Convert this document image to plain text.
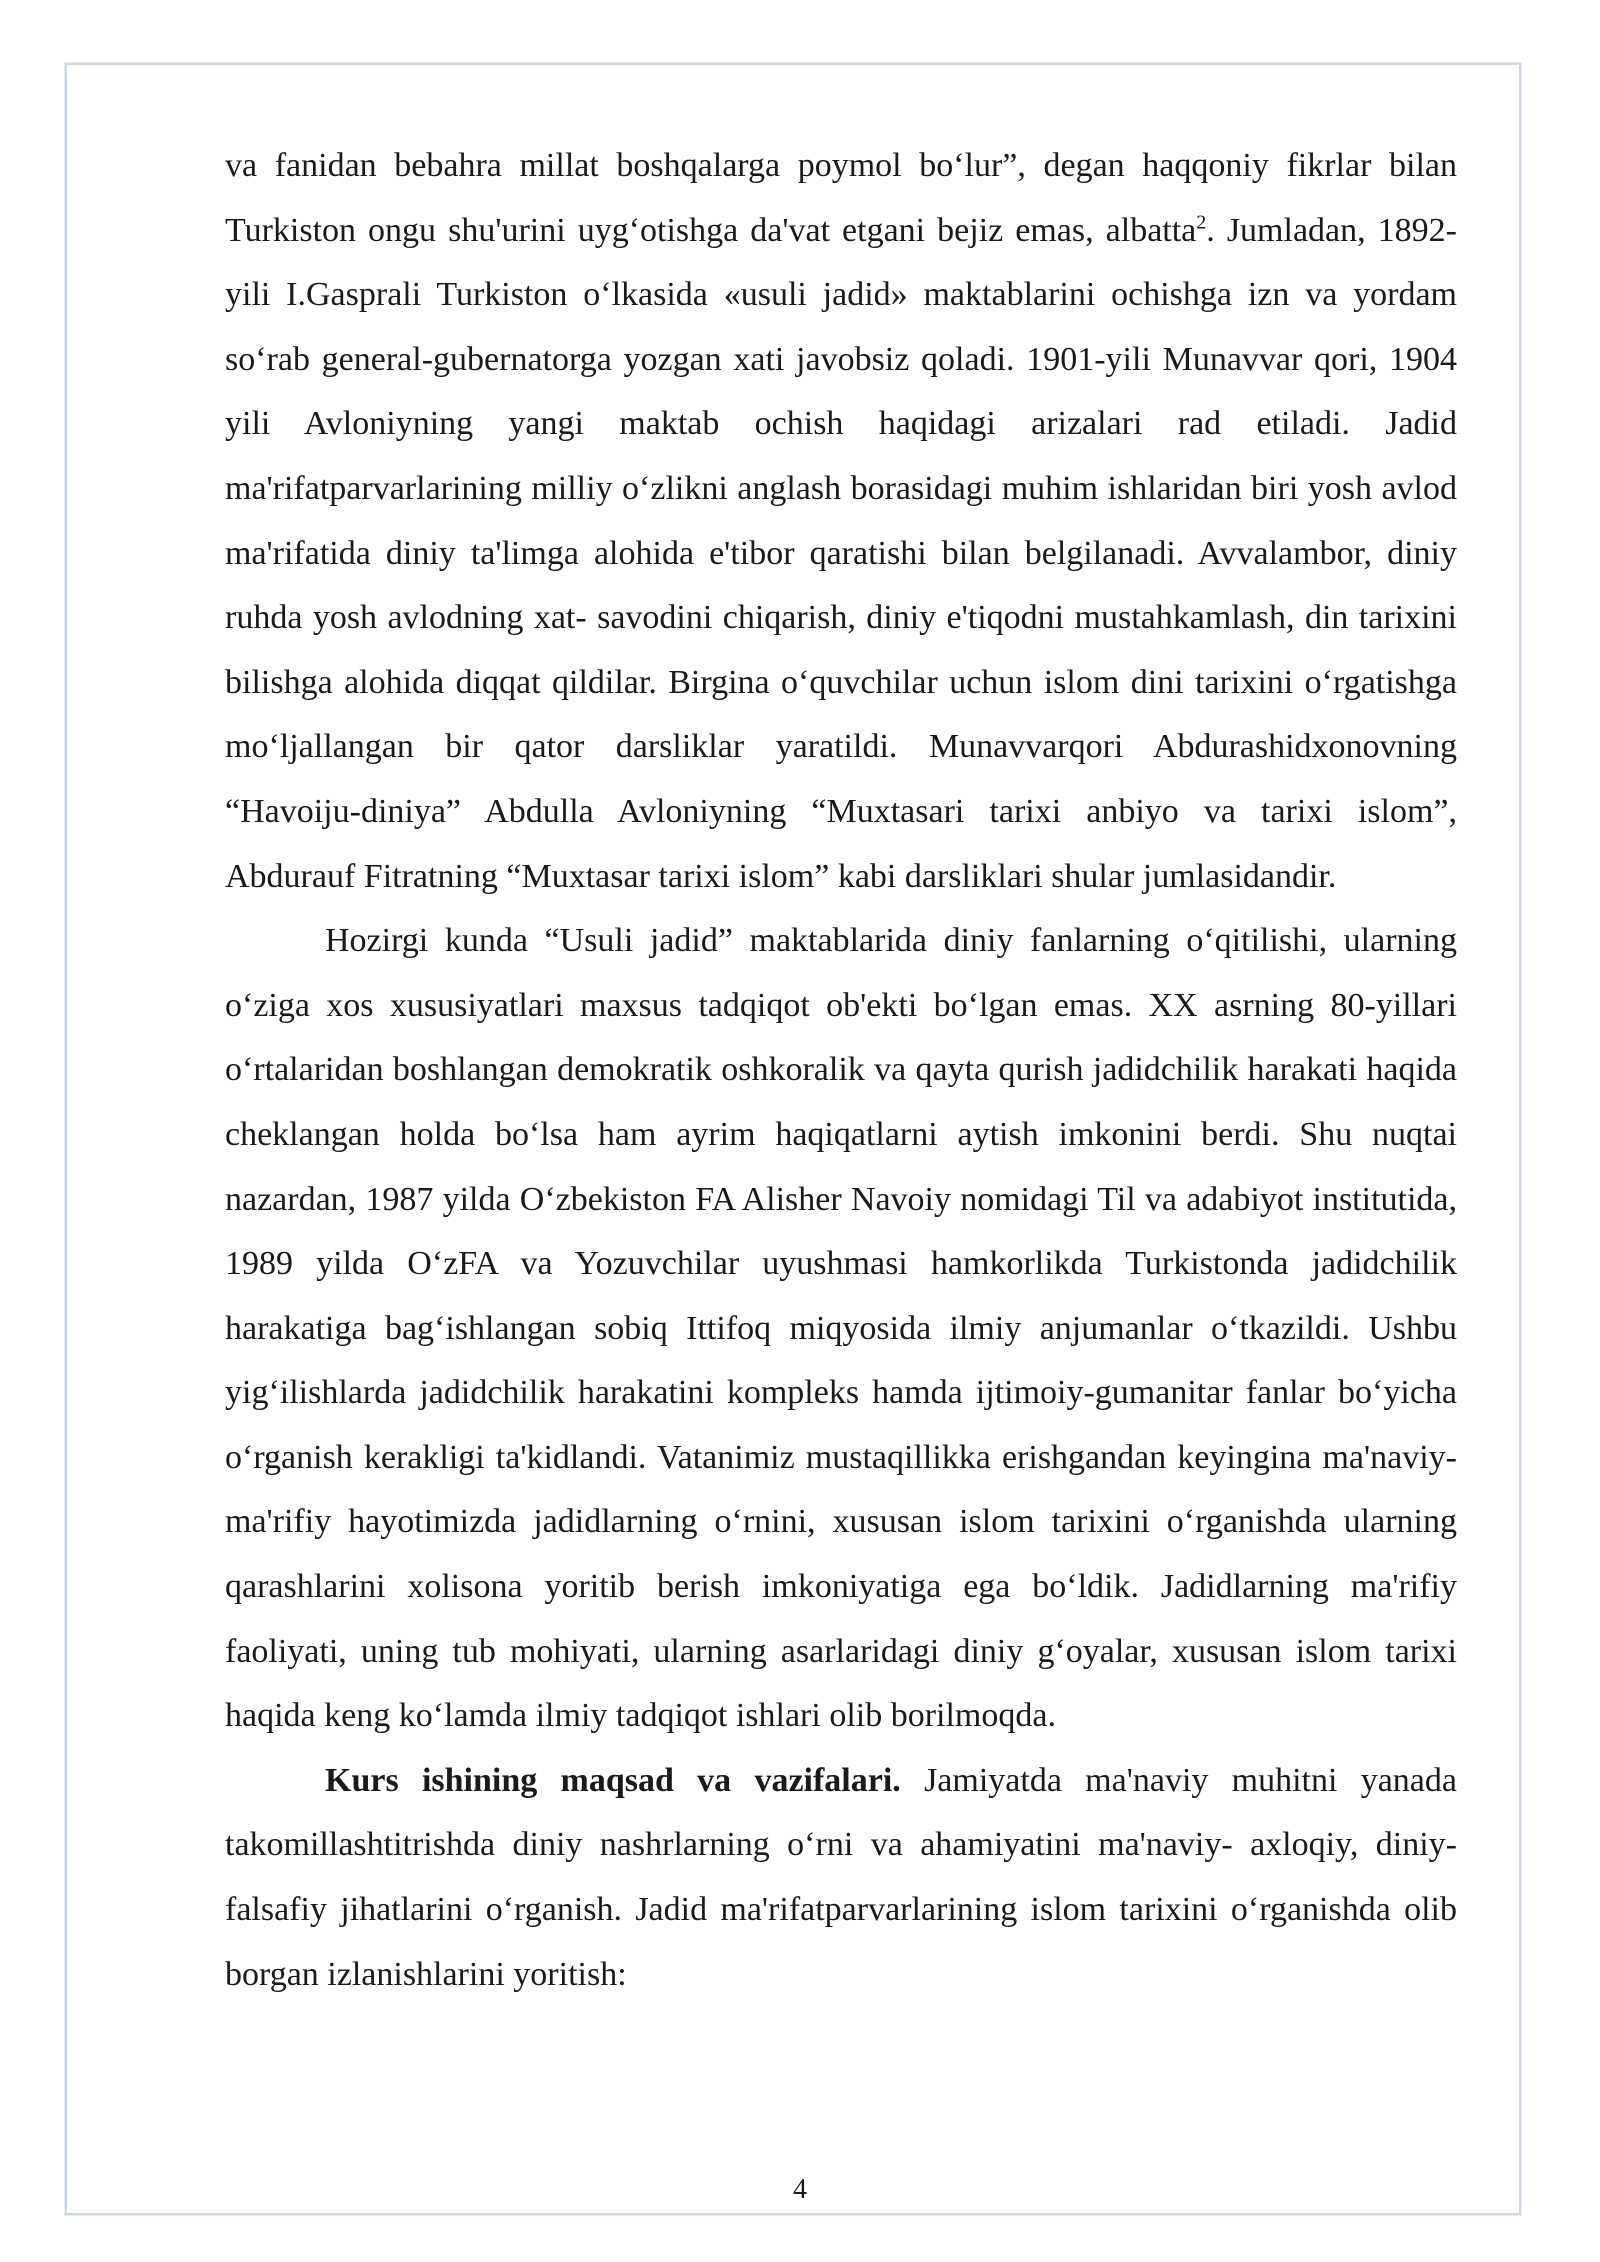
va fanidan bebahra millat boshqalarga poymol bo‘lur”, degan haqqoniy fikrlar bilan Turkiston ongu shu'urini uyg‘otishga da'vat etgani bejiz emas, albatta$^2$. Jumladan, 1892-yili I.Gasprali Turkiston o‘lkasida «usuli jadid» maktablarini ochishga izn va yordam so‘rab general-gubernatorga yozgan xati javobsiz qoladi. 1901-yili Munavvar qori, 1904 yili Avloniyning yangi maktab ochish haqidagi arizalari rad etiladi. Jadid ma'rifatparvarlarining milliy o‘zlikni anglash borasidagi muhim ishlaridan biri yosh avlod ma'rifatida diniy ta'limga alohida e'tibor qaratishi bilan belgilanadi. Avvalambor, diniy ruhda yosh avlodning xat- savodini chiqarish, diniy e'tiqodni mustahkamlash, din tarixini bilishga alohida diqqat qildilar. Birgina o‘quvchilar uchun islom dini tarixini o‘rgatishga mo‘ljallangan bir qator darsliklar yaratildi. Munavvarqori Abdurashidxonovning “Havoiju-diniya” Abdulla Avloniyning “Muxtasari tarixi anbiyo va tarixi islom”, Abdurauf Fitratning “Muxtasar tarixi islom” kabi darsliklari shular jumlasidandir.

Hozirgi kunda “Usuli jadid” maktablarida diniy fanlarning o‘qitilishi, ularning o‘ziga xos xususiyatlari maxsus tadqiqot ob'ekti bo‘lgan emas. XX asrning 80-yillari o‘rtalaridan boshlangan demokratik oshkoralik va qayta qurish jadidchilik harakati haqida cheklangan holda bo‘lsa ham ayrim haqiqatlarni aytish imkonini berdi. Shu nuqtai nazardan, 1987 yilda O‘zbekiston FA Alisher Navoiy nomidagi Til va adabiyot institutida, 1989 yilda O‘zFA va Yozuvchilar uyushmasi hamkorlikda Turkistonda jadidchilik harakatiga bag‘ishlangan sobiq Ittifoq miqyosida ilmiy anjumanlar o‘tkazildi. Ushbu yig‘ilishlarda jadidchilik harakatini kompleks hamda ijtimoiy-gumanitar fanlar bo‘yicha o‘rganish kerakligi ta'kidlandi. Vatanimiz mustaqillikka erishgandan keyingina ma'naviy-ma'rifiy hayotimizda jadidlarning o‘rnini, xususan islom tarixini o‘rganishda ularning qarashlarini xolisona yoritib berish imkoniyatiga ega bo‘ldik. Jadidlarning ma'rifiy faoliyati, uning tub mohiyati, ularning asarlaridagi diniy g‘oyalar, xususan islom tarixi haqida keng ko‘lamda ilmiy tadqiqot ishlari olib borilmoqda.

Kurs ishining maqsad va vazifalari. Jamiyatda ma'naviy muhitni yanada takomillashtitrishda diniy nashrlarning o‘rni va ahamiyatini ma'naviy- axloqiy, diniy-falsafiy jihatlarini o‘rganish. Jadid ma'rifatparvarlarining islom tarixini o‘rganishda olib borgan izlanishlarini yoritish:

4
